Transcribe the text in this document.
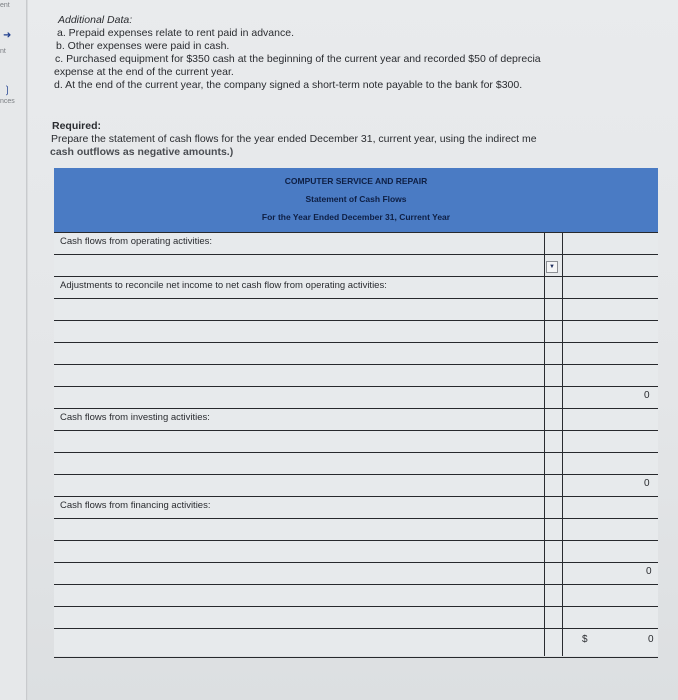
ent
➜
nt
❳
nces
Additional Data:
a. Prepaid expenses relate to rent paid in advance.
b. Other expenses were paid in cash.
c. Purchased equipment for $350 cash at the beginning of the current year and recorded $50 of deprecia
expense at the end of the current year.
d. At the end of the current year, the company signed a short-term note payable to the bank for $300.
Required:
Prepare the statement of cash flows for the year ended December 31, current year, using the indirect me
cash outflows as negative amounts.)
COMPUTER SERVICE AND REPAIR
Statement of Cash Flows
For the Year Ended December 31, Current Year
Cash flows from operating activities:
▼
Adjustments to reconcile net income to net cash flow from operating activities:
0
Cash flows from investing activities:
0
Cash flows from financing activities:
0
$	0
